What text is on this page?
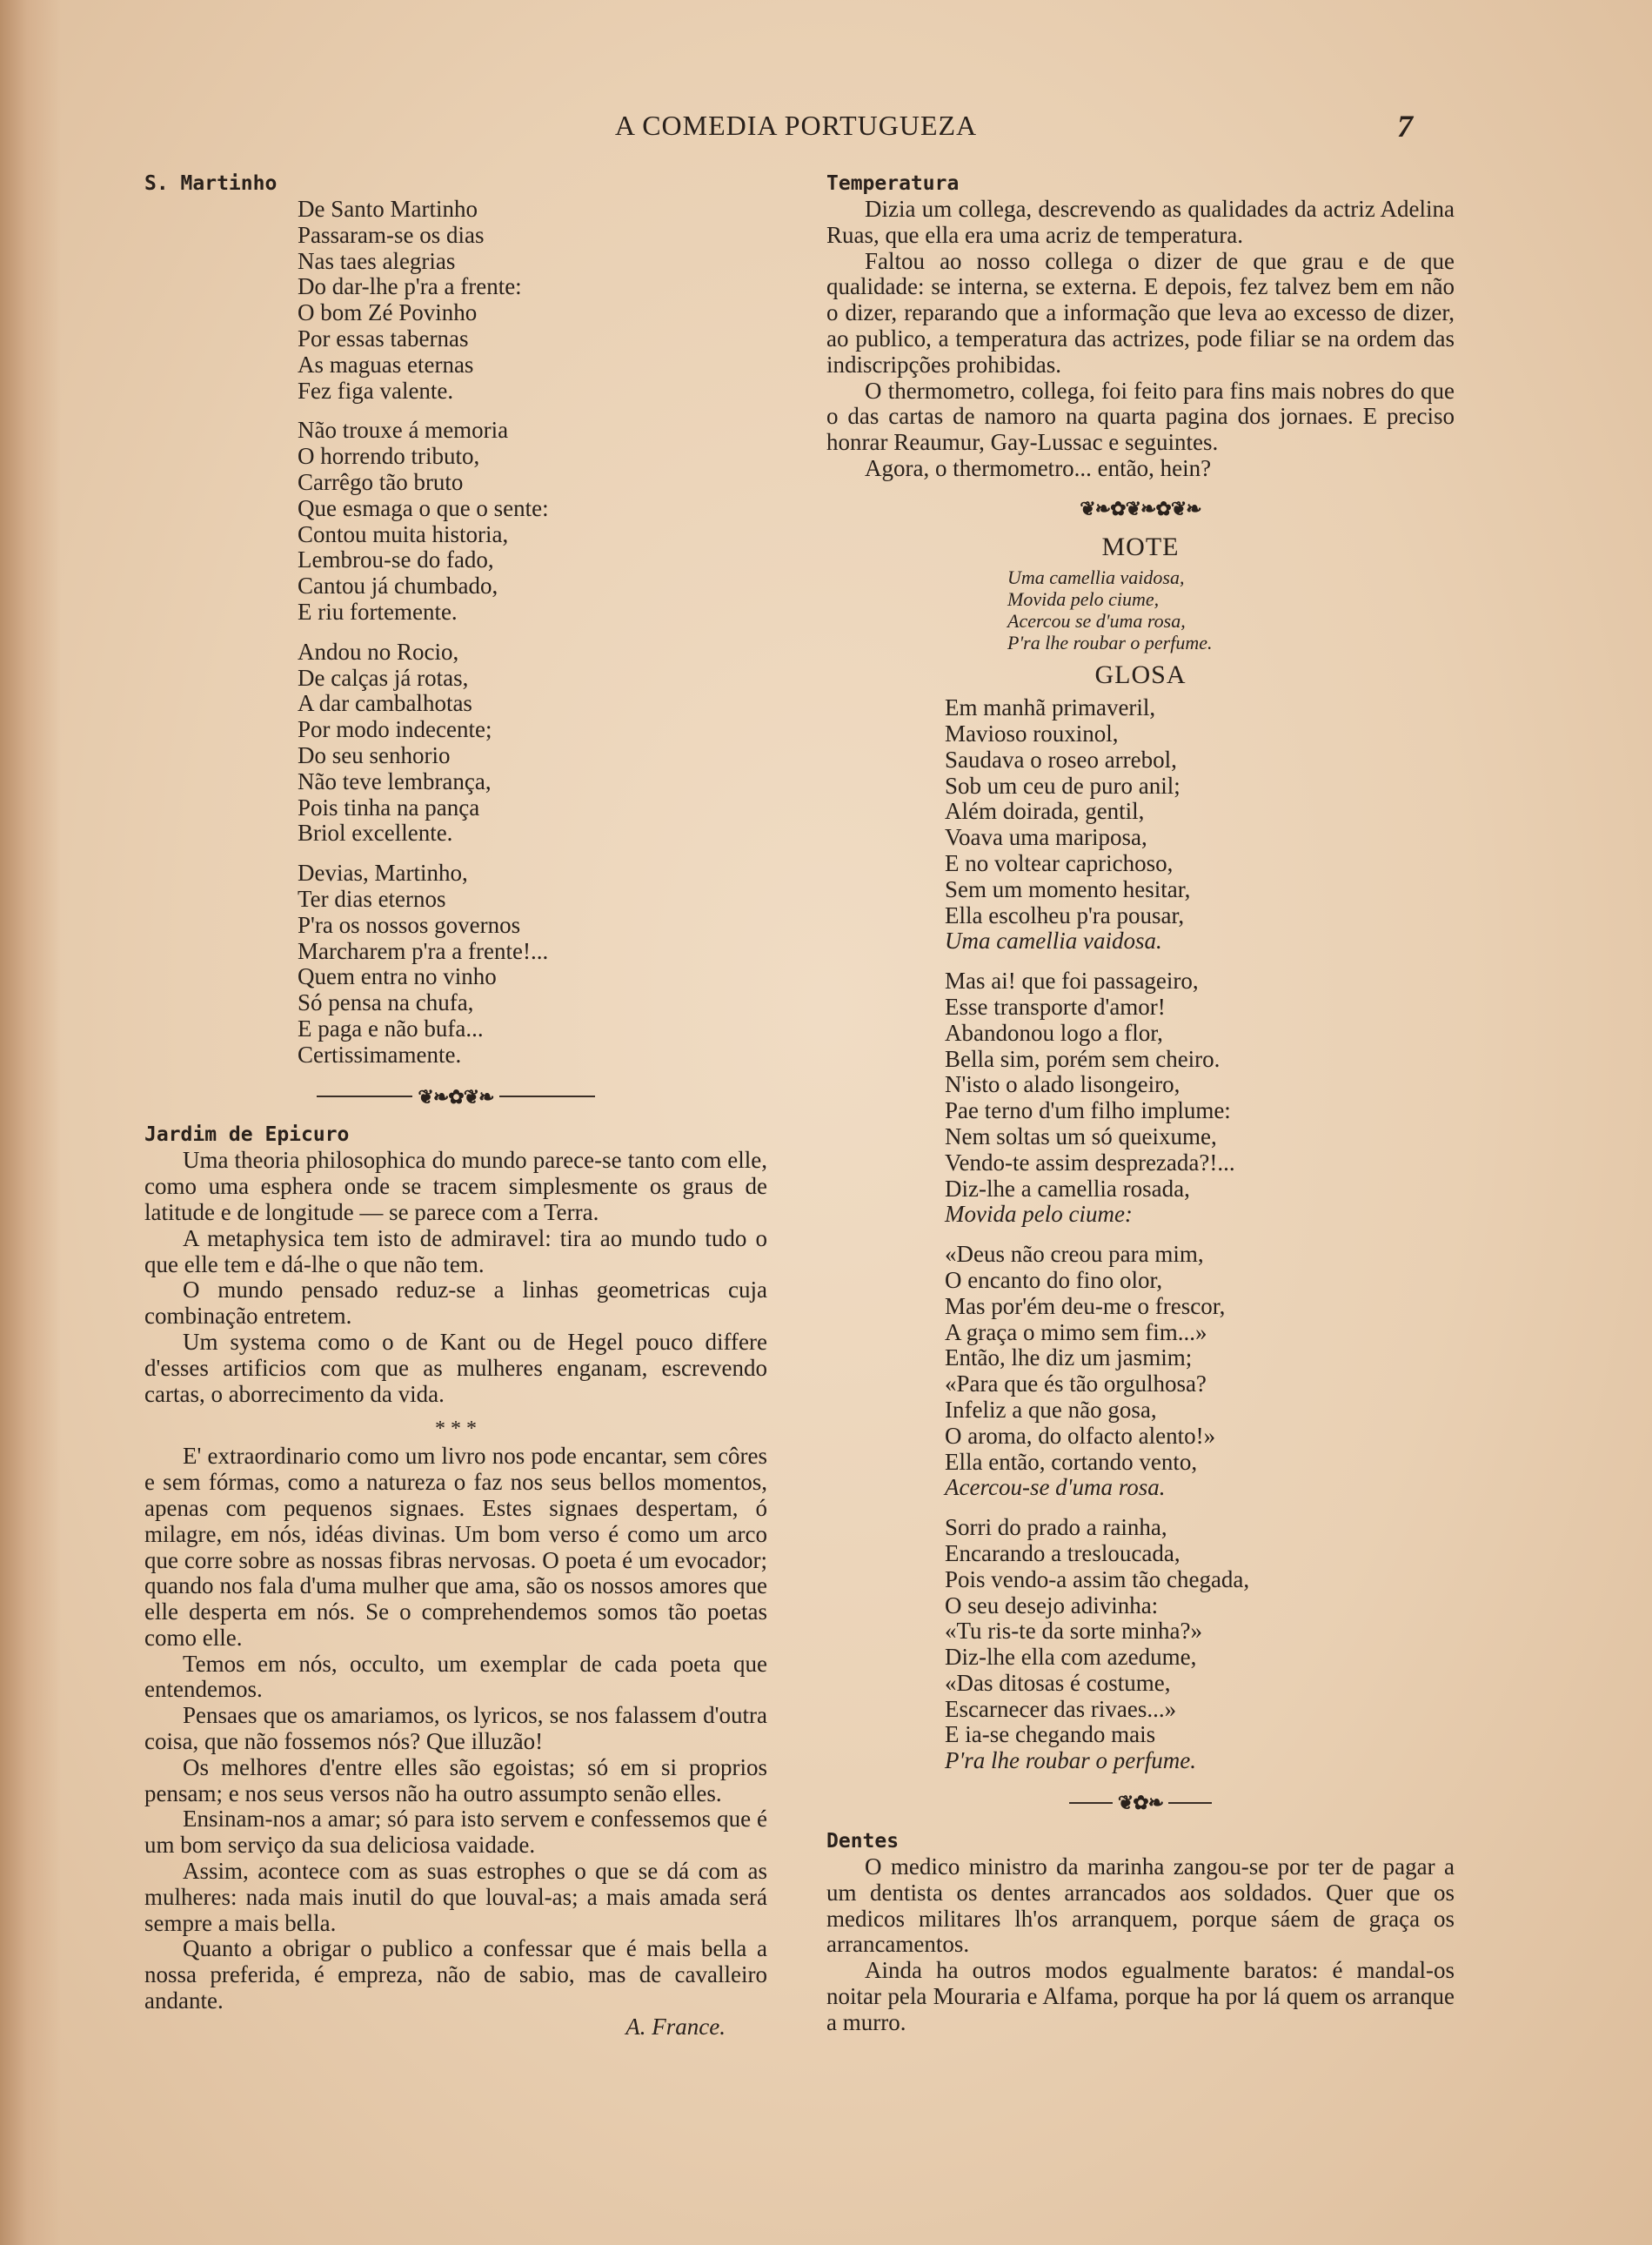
A COMEDIA PORTUGUEZA	7
S. Martinho
De Santo Martinho
Passaram-se os dias
Nas taes alegrias
Do dar-lhe p'ra a frente:
O bom Zé Povinho
Por essas tabernas
As maguas eternas
Fez figa valente.
Não trouxe á memoria
O horrendo tributo,
Carrêgo tão bruto
Que esmaga o que o sente:
Contou muita historia,
Lembrou-se do fado,
Cantou já chumbado,
E riu fortemente.
Andou no Rocio,
De calças já rotas,
A dar cambalhotas
Por modo indecente;
Do seu senhorio
Não teve lembrança,
Pois tinha na pança
Briol excellente.
Devias, Martinho,
Ter dias eternos
P'ra os nossos governos
Marcharem p'ra a frente!...
Quem entra no vinho
Só pensa na chufa,
E paga e não bufa...
Certissimamente.
❦❧✿❦❧
Jardim de Epicuro

Uma theoria philosophica do mundo parece-se tanto com elle, como uma esphera onde se tracem simplesmente os graus de latitude e de longitude — se parece com a Terra.

A metaphysica tem isto de admiravel: tira ao mundo tudo o que elle tem e dá-lhe o que não tem.

O mundo pensado reduz-se a linhas geometricas cuja combinação entretem.

Um systema como o de Kant ou de Hegel pouco differe d'esses artificios com que as mulheres enganam, escrevendo cartas, o aborrecimento da vida.

* * *

E' extraordinario como um livro nos pode encantar, sem côres e sem fórmas, como a natureza o faz nos seus bellos momentos, apenas com pequenos signaes. Estes signaes despertam, ó milagre, em nós, idéas divinas. Um bom verso é como um arco que corre sobre as nossas fibras nervosas. O poeta é um evocador; quando nos fala d'uma mulher que ama, são os nossos amores que elle desperta em nós. Se o comprehendemos somos tão poetas como elle.

Temos em nós, occulto, um exemplar de cada poeta que entendemos.

Pensaes que os amariamos, os lyricos, se nos falassem d'outra coisa, que não fossemos nós? Que illuzão!

Os melhores d'entre elles são egoistas; só em si proprios pensam; e nos seus versos não ha outro assumpto senão elles.

Ensinam-nos a amar; só para isto servem e confessemos que é um bom serviço da sua deliciosa vaidade.

Assim, acontece com as suas estrophes o que se dá com as mulheres: nada mais inutil do que louval-as; a mais amada será sempre a mais bella.

Quanto a obrigar o publico a confessar que é mais bella a nossa preferida, é empreza, não de sabio, mas de cavalleiro andante.

A. France.
Temperatura

Dizia um collega, descrevendo as qualidades da actriz Adelina Ruas, que ella era uma acriz de temperatura.

Faltou ao nosso collega o dizer de que grau e de que qualidade: se interna, se externa. E depois, fez talvez bem em não o dizer, reparando que a informação que leva ao excesso de dizer, ao publico, a temperatura das actrizes, pode filiar se na ordem das indiscripções prohibidas.

O thermometro, collega, foi feito para fins mais nobres do que o das cartas de namoro na quarta pagina dos jornaes. E preciso honrar Reaumur, Gay-Lussac e seguintes.

Agora, o thermometro... então, hein?

❦❧✿❦❧✿❦❧
MOTE
Uma camellia vaidosa,
Movida pelo ciume,
Acercou se d'uma rosa,
P'ra lhe roubar o perfume.
GLOSA
Em manhã primaveril,
Mavioso rouxinol,
Saudava o roseo arrebol,
Sob um ceu de puro anil;
Além doirada, gentil,
Voava uma mariposa,
E no voltear caprichoso,
Sem um momento hesitar,
Ella escolheu p'ra pousar,
Uma camellia vaidosa.
Mas ai! que foi passageiro,
Esse transporte d'amor!
Abandonou logo a flor,
Bella sim, porém sem cheiro.
N'isto o alado lisongeiro,
Pae terno d'um filho implume:
Nem soltas um só queixume,
Vendo-te assim desprezada?!...
Diz-lhe a camellia rosada,
Movida pelo ciume:
«Deus não creou para mim,
O encanto do fino olor,
Mas por'ém deu-me o frescor,
A graça o mimo sem fim...»
Então, lhe diz um jasmim;
«Para que és tão orgulhosa?
Infeliz a que não gosa,
O aroma, do olfacto alento!»
Ella então, cortando vento,
Acercou-se d'uma rosa.
Sorri do prado a rainha,
Encarando a tresloucada,
Pois vendo-a assim tão chegada,
O seu desejo adivinha:
«Tu ris-te da sorte minha?»
Diz-lhe ella com azedume,
«Das ditosas é costume,
Escarnecer das rivaes...»
E ia-se chegando mais
P'ra lhe roubar o perfume.
❦✿❧
Dentes

O medico ministro da marinha zangou-se por ter de pagar a um dentista os dentes arrancados aos soldados. Quer que os medicos militares lh'os arranquem, porque sáem de graça os arrancamentos.

Ainda ha outros modos egualmente baratos: é mandal-os noitar pela Mouraria e Alfama, porque ha por lá quem os arranque a murro.
